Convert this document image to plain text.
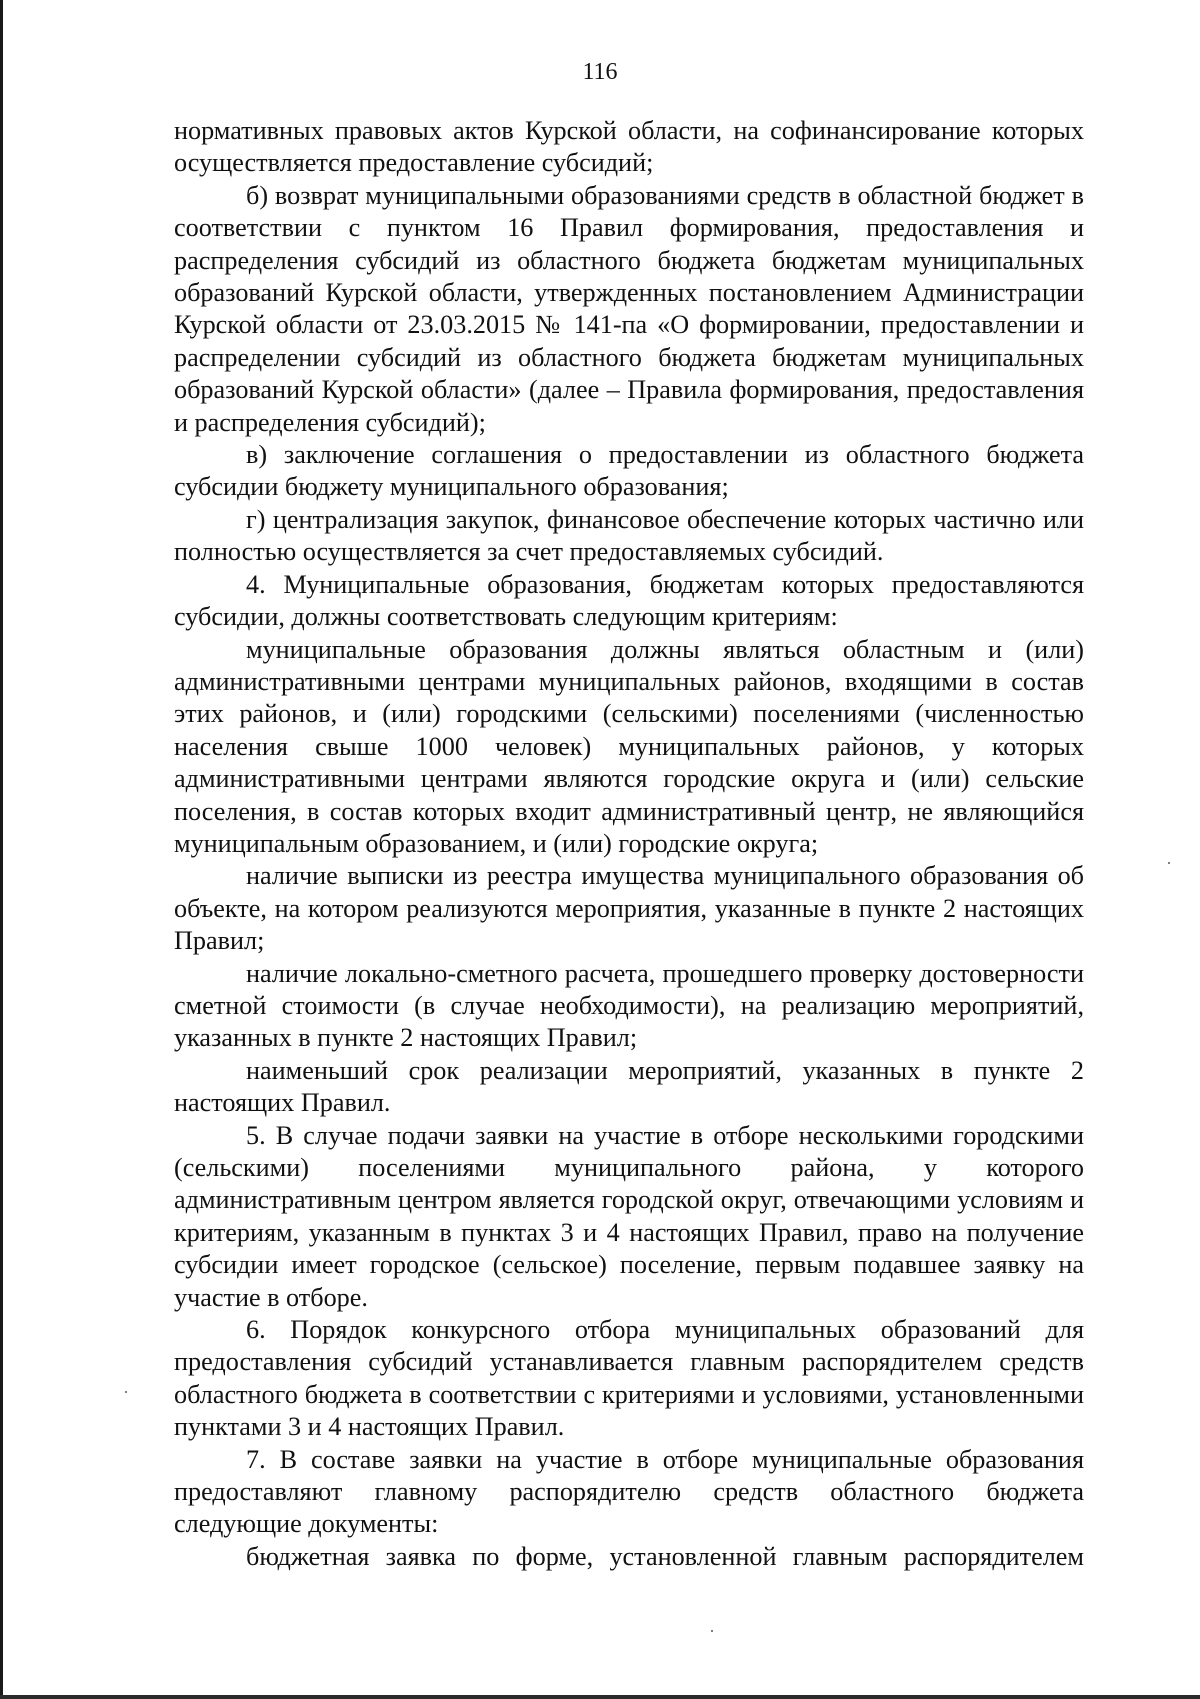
116

нормативных правовых актов Курской области, на софинансирование которых осуществляется предоставление субсидий;

б) возврат муниципальными образованиями средств в областной бюджет в соответствии с пунктом 16 Правил формирования, предоставления и распределения субсидий из областного бюджета бюджетам муниципальных образований Курской области, утвержденных постановлением Администрации Курской области от 23.03.2015 № 141-па «О формировании, предоставлении и распределении субсидий из областного бюджета бюджетам муниципальных образований Курской области» (далее – Правила формирования, предоставления и распределения субсидий);

в) заключение соглашения о предоставлении из областного бюджета субсидии бюджету муниципального образования;

г) централизация закупок, финансовое обеспечение которых частично или полностью осуществляется за счет предоставляемых субсидий.

4. Муниципальные образования, бюджетам которых предоставляются субсидии, должны соответствовать следующим критериям:

муниципальные образования должны являться областным и (или) административными центрами муниципальных районов, входящими в состав этих районов, и (или) городскими (сельскими) поселениями (численностью населения свыше 1000 человек) муниципальных районов, у которых административными центрами являются городские округа и (или) сельские поселения, в состав которых входит административный центр, не являющийся муниципальным образованием, и (или) городские округа;

наличие выписки из реестра имущества муниципального образования об объекте, на котором реализуются мероприятия, указанные в пункте 2 настоящих Правил;

наличие локально-сметного расчета, прошедшего проверку достоверности сметной стоимости (в случае необходимости), на реализацию мероприятий, указанных в пункте 2 настоящих Правил;

наименьший срок реализации мероприятий, указанных в пункте 2 настоящих Правил.

5. В случае подачи заявки на участие в отборе несколькими городскими (сельскими) поселениями муниципального района, у которого административным центром является городской округ, отвечающими условиям и критериям, указанным в пунктах 3 и 4 настоящих Правил, право на получение субсидии имеет городское (сельское) поселение, первым подавшее заявку на участие в отборе.

6. Порядок конкурсного отбора муниципальных образований для предоставления субсидий устанавливается главным распорядителем средств областного бюджета в соответствии с критериями и условиями, установленными пунктами 3 и 4 настоящих Правил.

7. В составе заявки на участие в отборе муниципальные образования предоставляют главному распорядителю средств областного бюджета следующие документы:

бюджетная заявка по форме, установленной главным распорядителем
